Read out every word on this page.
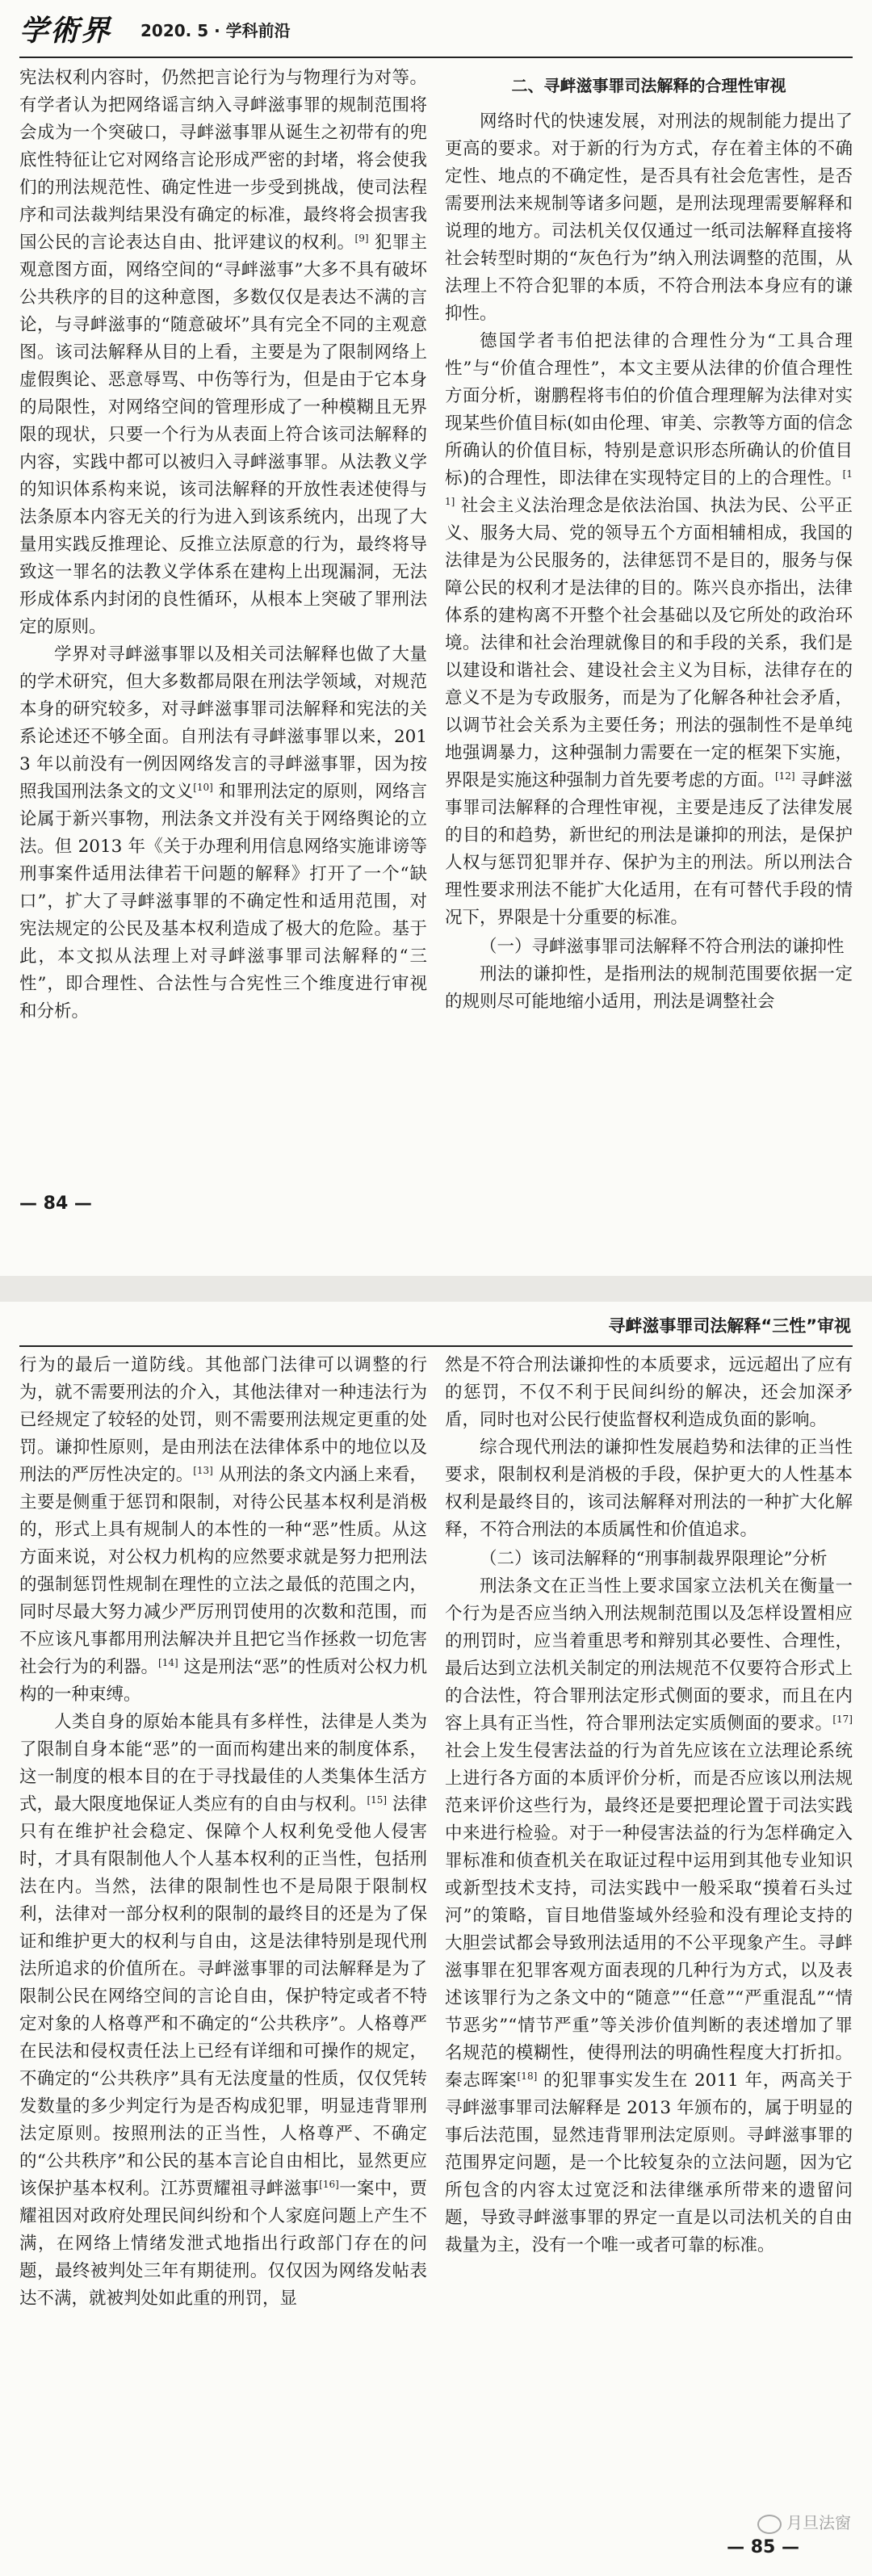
学術界 2020. 5 · 学科前沿

宪法权利内容时，仍然把言论行为与物理行为对等。有学者认为把网络谣言纳入寻衅滋事罪的规制范围将会成为一个突破口，寻衅滋事罪从诞生之初带有的兜底性特征让它对网络言论形成严密的封堵，将会使我们的刑法规范性、确定性进一步受到挑战，使司法程序和司法裁判结果没有确定的标准，最终将会损害我国公民的言论表达自由、批评建议的权利。[9] 犯罪主观意图方面，网络空间的“寻衅滋事”大多不具有破坏公共秩序的目的这种意图，多数仅仅是表达不满的言论，与寻衅滋事的“随意破坏”具有完全不同的主观意图。该司法解释从目的上看，主要是为了限制网络上虚假舆论、恶意辱骂、中伤等行为，但是由于它本身的局限性，对网络空间的管理形成了一种模糊且无界限的现状，只要一个行为从表面上符合该司法解释的内容，实践中都可以被归入寻衅滋事罪。从法教义学的知识体系构来说，该司法解释的开放性表述使得与法条原本内容无关的行为进入到该系统内，出现了大量用实践反推理论、反推立法原意的行为，最终将导致这一罪名的法教义学体系在建构上出现漏洞，无法形成体系内封闭的良性循环，从根本上突破了罪刑法定的原则。

学界对寻衅滋事罪以及相关司法解释也做了大量的学术研究，但大多数都局限在刑法学领域，对规范本身的研究较多，对寻衅滋事罪司法解释和宪法的关系论述还不够全面。自刑法有寻衅滋事罪以来，2013 年以前没有一例因网络发言的寻衅滋事罪，因为按照我国刑法条文的文义[10] 和罪刑法定的原则，网络言论属于新兴事物，刑法条文并没有关于网络舆论的立法。但 2013 年《关于办理利用信息网络实施诽谤等刑事案件适用法律若干问题的解释》打开了一个“缺口”，扩大了寻衅滋事罪的不确定性和适用范围，对宪法规定的公民及基本权利造成了极大的危险。基于此，本文拟从法理上对寻衅滋事罪司法解释的“三性”，即合理性、合法性与合宪性三个维度进行审视和分析。

二、寻衅滋事罪司法解释的合理性审视

网络时代的快速发展，对刑法的规制能力提出了更高的要求。对于新的行为方式，存在着主体的不确定性、地点的不确定性，是否具有社会危害性，是否需要刑法来规制等诸多问题，是刑法现理需要解释和说理的地方。司法机关仅仅通过一纸司法解释直接将社会转型时期的“灰色行为”纳入刑法调整的范围，从法理上不符合犯罪的本质，不符合刑法本身应有的谦抑性。

德国学者韦伯把法律的合理性分为“工具合理性”与“价值合理性”，本文主要从法律的价值合理性方面分析，谢鹏程将韦伯的价值合理理解为法律对实现某些价值目标(如由伦理、审美、宗教等方面的信念所确认的价值目标，特别是意识形态所确认的价值目标)的合理性，即法律在实现特定目的上的合理性。[11] 社会主义法治理念是依法治国、执法为民、公平正义、服务大局、党的领导五个方面相辅相成，我国的法律是为公民服务的，法律惩罚不是目的，服务与保障公民的权利才是法律的目的。陈兴良亦指出，法律体系的建构离不开整个社会基础以及它所处的政治环境。法律和社会治理就像目的和手段的关系，我们是以建设和谐社会、建设社会主义为目标，法律存在的意义不是为专政服务，而是为了化解各种社会矛盾，以调节社会关系为主要任务；刑法的强制性不是单纯地强调暴力，这种强制力需要在一定的框架下实施，界限是实施这种强制力首先要考虑的方面。[12] 寻衅滋事罪司法解释的合理性审视，主要是违反了法律发展的目的和趋势，新世纪的刑法是谦抑的刑法，是保护人权与惩罚犯罪并存、保护为主的刑法。所以刑法合理性要求刑法不能扩大化适用，在有可替代手段的情况下，界限是十分重要的标准。

（一）寻衅滋事罪司法解释不符合刑法的谦抑性

刑法的谦抑性，是指刑法的规制范围要依据一定的规则尽可能地缩小适用，刑法是调整社会

— 84 —
寻衅滋事罪司法解释“三性”审视

行为的最后一道防线。其他部门法律可以调整的行为，就不需要刑法的介入，其他法律对一种违法行为已经规定了较轻的处罚，则不需要刑法规定更重的处罚。谦抑性原则，是由刑法在法律体系中的地位以及刑法的严厉性决定的。[13] 从刑法的条文内涵上来看，主要是侧重于惩罚和限制，对待公民基本权利是消极的，形式上具有规制人的本性的一种“恶”性质。从这方面来说，对公权力机构的应然要求就是努力把刑法的强制惩罚性规制在理性的立法之最低的范围之内，同时尽最大努力减少严厉刑罚使用的次数和范围，而不应该凡事都用刑法解决并且把它当作拯救一切危害社会行为的利器。[14] 这是刑法“恶”的性质对公权力机构的一种束缚。

人类自身的原始本能具有多样性，法律是人类为了限制自身本能“恶”的一面而构建出来的制度体系，这一制度的根本目的在于寻找最佳的人类集体生活方式，最大限度地保证人类应有的自由与权利。[15] 法律只有在维护社会稳定、保障个人权利免受他人侵害时，才具有限制他人个人基本权利的正当性，包括刑法在内。当然，法律的限制性也不是局限于限制权利，法律对一部分权利的限制的最终目的还是为了保证和维护更大的权利与自由，这是法律特别是现代刑法所追求的价值所在。寻衅滋事罪的司法解释是为了限制公民在网络空间的言论自由，保护特定或者不特定对象的人格尊严和不确定的“公共秩序”。人格尊严在民法和侵权责任法上已经有详细和可操作的规定，不确定的“公共秩序”具有无法度量的性质，仅仅凭转发数量的多少判定行为是否构成犯罪，明显违背罪刑法定原则。按照刑法的正当性，人格尊严、不确定的“公共秩序”和公民的基本言论自由相比，显然更应该保护基本权利。江苏贾耀祖寻衅滋事[16]一案中，贾耀祖因对政府处理民间纠纷和个人家庭问题上产生不满，在网络上情绪发泄式地指出行政部门存在的问题，最终被判处三年有期徒刑。仅仅因为网络发帖表达不满，就被判处如此重的刑罚，显

然是不符合刑法谦抑性的本质要求，远远超出了应有的惩罚，不仅不利于民间纠纷的解决，还会加深矛盾，同时也对公民行使监督权利造成负面的影响。

综合现代刑法的谦抑性发展趋势和法律的正当性要求，限制权利是消极的手段，保护更大的人性基本权利是最终目的，该司法解释对刑法的一种扩大化解释，不符合刑法的本质属性和价值追求。

（二）该司法解释的“刑事制裁界限理论”分析

刑法条文在正当性上要求国家立法机关在衡量一个行为是否应当纳入刑法规制范围以及怎样设置相应的刑罚时，应当着重思考和辩别其必要性、合理性，最后达到立法机关制定的刑法规范不仅要符合形式上的合法性，符合罪刑法定形式侧面的要求，而且在内容上具有正当性，符合罪刑法定实质侧面的要求。[17] 社会上发生侵害法益的行为首先应该在立法理论系统上进行各方面的本质评价分析，而是否应该以刑法规范来评价这些行为，最终还是要把理论置于司法实践中来进行检验。对于一种侵害法益的行为怎样确定入罪标准和侦查机关在取证过程中运用到其他专业知识或新型技术支持，司法实践中一般采取“摸着石头过河”的策略，盲目地借鉴域外经验和没有理论支持的大胆尝试都会导致刑法适用的不公平现象产生。寻衅滋事罪在犯罪客观方面表现的几种行为方式，以及表述该罪行为之条文中的“随意”“任意”“严重混乱”“情节恶劣”“情节严重”等关涉价值判断的表述增加了罪名规范的模糊性，使得刑法的明确性程度大打折扣。秦志晖案[18] 的犯罪事实发生在 2011 年，两高关于寻衅滋事罪司法解释是 2013 年颁布的，属于明显的事后法范围，显然违背罪刑法定原则。寻衅滋事罪的范围界定问题，是一个比较复杂的立法问题，因为它所包含的内容太过宽泛和法律继承所带来的遗留问题，导致寻衅滋事罪的界定一直是以司法机关的自由裁量为主，没有一个唯一或者可靠的标准。

月旦法窗
— 85 —
